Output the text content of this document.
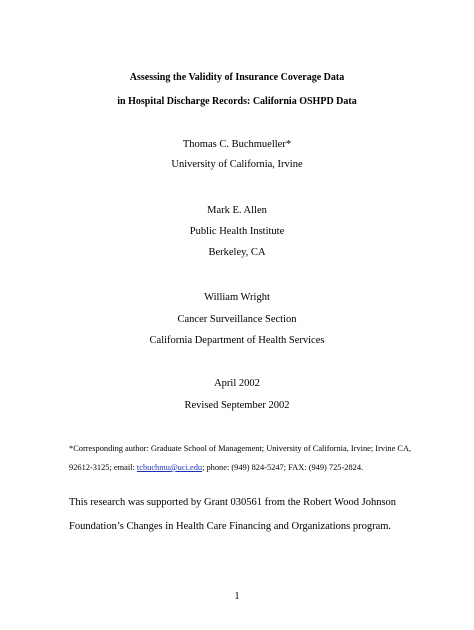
Assessing the Validity of Insurance Coverage Data
in Hospital Discharge Records: California OSHPD Data
Thomas C. Buchmueller*
University of California, Irvine
Mark E. Allen
Public Health Institute
Berkeley, CA
William Wright
Cancer Surveillance Section
California Department of Health Services
April 2002
Revised September 2002
*Corresponding author: Graduate School of Management; University of California, Irvine; Irvine CA,
92612-3125; email: tcbuchmu@uci.edu; phone: (949) 824-5247; FAX: (949) 725-2824.
This research was supported by Grant 030561 from the Robert Wood Johnson
Foundation’s Changes in Health Care Financing and Organizations program.
1
